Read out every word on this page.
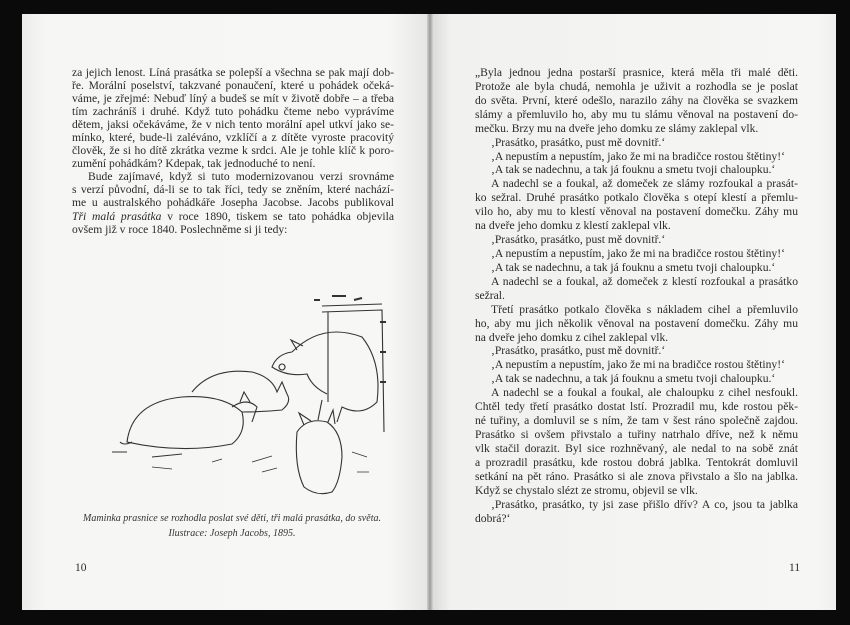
za jejich lenost. Líná prasátka se polepší a všechna se pak mají dob-
ře. Morální poselství, takzvané ponaučení, které u pohádek očeká-
váme, je zřejmé: Nebuď líný a budeš se mít v životě dobře – a třeba
tím zachráníš i druhé. Když tuto pohádku čteme nebo vyprávíme
dětem, jaksi očekáváme, že v nich tento morální apel utkví jako se-
mínko, které, bude-li zaléváno, vzklíčí a z dítěte vyroste pracovitý
člověk, že si ho dítě zkrátka vezme k srdci. Ale je tohle klíč k poro-
zumění pohádkám? Kdepak, tak jednoduché to není.
Bude zajímavé, když si tuto modernizovanou verzi srovnáme
s verzí původní, dá-li se to tak říci, tedy se zněním, které nachází-
me u australského pohádkáře Josepha Jacobse. Jacobs publikoval
Tři malá prasátka v roce 1890, tiskem se tato pohádka objevila
ovšem již v roce 1840. Poslechněme si ji tedy:
Maminka prasnice se rozhodla poslat své děti, tři malá prasátka, do světa.
Ilustrace: Joseph Jacobs, 1895.
10
„Byla jednou jedna postarší prasnice, která měla tři malé děti.
Protože ale byla chudá, nemohla je uživit a rozhodla se je poslat
do světa. První, které odešlo, narazilo záhy na člověka se svazkem
slámy a přemluvilo ho, aby mu tu slámu věnoval na postavení do-
mečku. Brzy mu na dveře jeho domku ze slámy zaklepal vlk.
‚Prasátko, prasátko, pust mě dovnitř.‘
‚A nepustím a nepustím, jako že mi na bradičce rostou štětiny!‘
‚A tak se nadechnu, a tak já fouknu a smetu tvoji chaloupku.‘
A nadechl se a foukal, až domeček ze slámy rozfoukal a prasát-
ko sežral. Druhé prasátko potkalo člověka s otepí klestí a přemlu-
vilo ho, aby mu to klestí věnoval na postavení domečku. Záhy mu
na dveře jeho domku z klestí zaklepal vlk.
‚Prasátko, prasátko, pust mě dovnitř.‘
‚A nepustím a nepustím, jako že mi na bradičce rostou štětiny!‘
‚A tak se nadechnu, a tak já fouknu a smetu tvoji chaloupku.‘
A nadechl se a foukal, až domeček z klestí rozfoukal a prasátko
sežral.
Třetí prasátko potkalo člověka s nákladem cihel a přemluvilo
ho, aby mu jich několik věnoval na postavení domečku. Záhy mu
na dveře jeho domku z cihel zaklepal vlk.
‚Prasátko, prasátko, pust mě dovnitř.‘
‚A nepustím a nepustím, jako že mi na bradičce rostou štětiny!‘
‚A tak se nadechnu, a tak já fouknu a smetu tvoji chaloupku.‘
A nadechl se a foukal a foukal, ale chaloupku z cihel nesfoukl.
Chtěl tedy třetí prasátko dostat lstí. Prozradil mu, kde rostou pěk-
né tuřiny, a domluvil se s ním, že tam v šest ráno společně zajdou.
Prasátko si ovšem přivstalo a tuřiny natrhalo dříve, než k němu
vlk stačil dorazit. Byl sice rozhněvaný, ale nedal to na sobě znát
a prozradil prasátku, kde rostou dobrá jablka. Tentokrát domluvil
setkání na pět ráno. Prasátko si ale znova přivstalo a šlo na jablka.
Když se chystalo slézt ze stromu, objevil se vlk.
‚Prasátko, prasátko, ty jsi zase přišlo dřív? A co, jsou ta jablka
dobrá?‘
11
